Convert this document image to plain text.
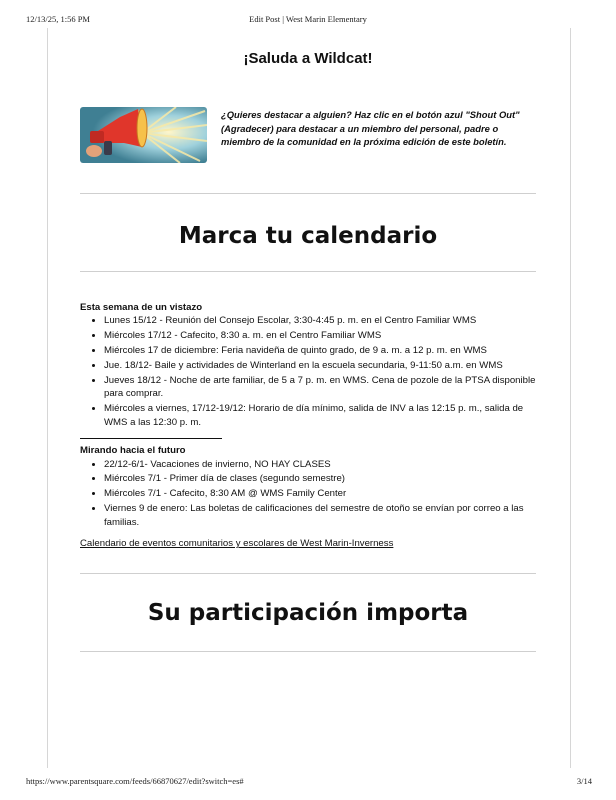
12/13/25, 1:56 PM	Edit Post | West Marin Elementary
¡Saluda a Wildcat!
¿Quieres destacar a alguien? Haz clic en el botón azul "Shout Out" (Agradecer) para destacar a un miembro del personal, padre o miembro de la comunidad en la próxima edición de este boletín.
Marca tu calendario
Esta semana de un vistazo
• Lunes 15/12 - Reunión del Consejo Escolar, 3:30-4:45 p. m. en el Centro Familiar WMS
• Miércoles 17/12 - Cafecito, 8:30 a. m. en el Centro Familiar WMS
• Miércoles 17 de diciembre: Feria navideña de quinto grado, de 9 a. m. a 12 p. m. en WMS
• Jue. 18/12- Baile y actividades de Winterland en la escuela secundaria, 9-11:50 a.m. en WMS
• Jueves 18/12 - Noche de arte familiar, de 5 a 7 p. m. en WMS. Cena de pozole de la PTSA disponible para comprar.
• Miércoles a viernes, 17/12-19/12: Horario de día mínimo, salida de INV a las 12:15 p. m., salida de WMS a las 12:30 p. m.
Mirando hacia el futuro
• 22/12-6/1- Vacaciones de invierno, NO HAY CLASES
• Miércoles 7/1 - Primer día de clases (segundo semestre)
• Miércoles 7/1 - Cafecito, 8:30 AM @ WMS Family Center
• Viernes 9 de enero: Las boletas de calificaciones del semestre de otoño se envían por correo a las familias.
Calendario de eventos comunitarios y escolares de West Marin-Inverness
Su participación importa
https://www.parentsquare.com/feeds/66870627/edit?switch=es#	3/14
